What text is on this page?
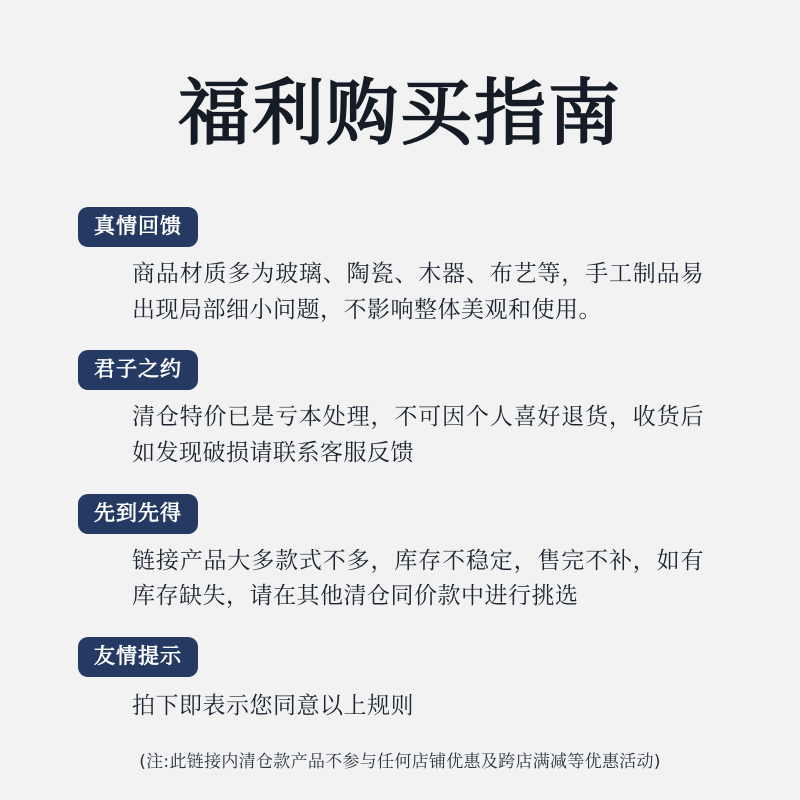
福利购买指南
真情回馈

商品材质多为玻璃、陶瓷、木器、布艺等，手工制品易出现局部细小问题，不影响整体美观和使用。

君子之约

清仓特价已是亏本处理，不可因个人喜好退货，收货后如发现破损请联系客服反馈

先到先得

链接产品大多款式不多，库存不稳定，售完不补，如有库存缺失，请在其他清仓同价款中进行挑选

友情提示

拍下即表示您同意以上规则

(注:此链接内清仓款产品不参与任何店铺优惠及跨店满减等优惠活动)
